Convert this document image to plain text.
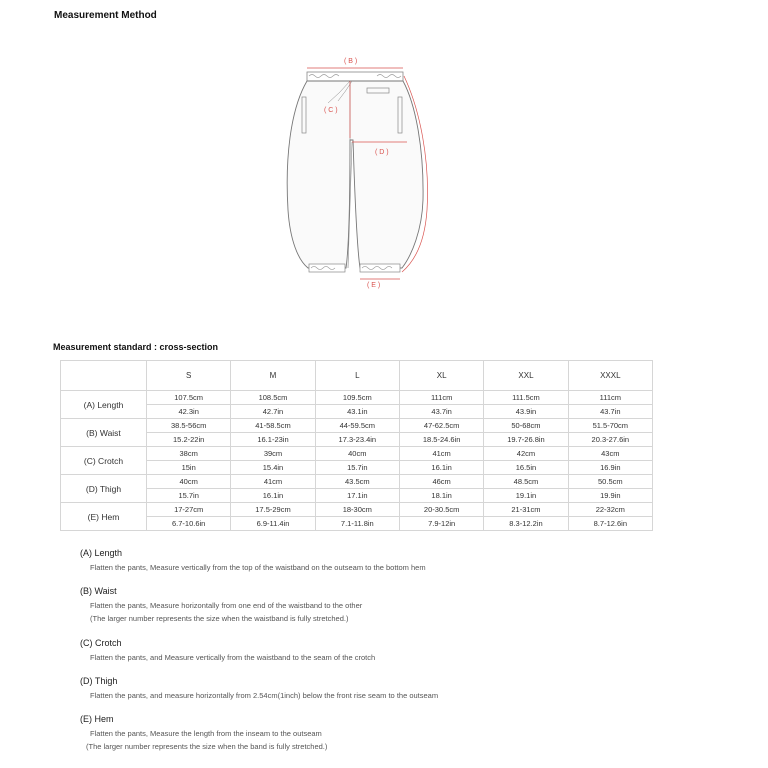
Measurement Method
( B )
( C )
( D )
( E )
Measurement standard : cross-section
	S	M	L	XL	XXL	XXXL
(A) Length	107.5cm	108.5cm	109.5cm	111cm	111.5cm	111cm
	42.3in	42.7in	43.1in	43.7in	43.9in	43.7in
(B) Waist	38.5-56cm	41-58.5cm	44-59.5cm	47-62.5cm	50-68cm	51.5-70cm
	15.2-22in	16.1-23in	17.3-23.4in	18.5-24.6in	19.7-26.8in	20.3-27.6in
(C) Crotch	38cm	39cm	40cm	41cm	42cm	43cm
	15in	15.4in	15.7in	16.1in	16.5in	16.9in
(D) Thigh	40cm	41cm	43.5cm	46cm	48.5cm	50.5cm
	15.7in	16.1in	17.1in	18.1in	19.1in	19.9in
(E) Hem	17-27cm	17.5-29cm	18-30cm	20-30.5cm	21-31cm	22-32cm
	6.7-10.6in	6.9-11.4in	7.1-11.8in	7.9-12in	8.3-12.2in	8.7-12.6in
(A) Length
Flatten the pants, Measure vertically from the top of the waistband on the outseam to the bottom hem
(B) Waist
Flatten the pants, Measure horizontally from one end of the waistband to the other
(The larger number represents the size when the waistband is fully stretched.)
(C) Crotch
Flatten the pants, and Measure vertically from the waistband to the seam of the crotch
(D) Thigh
Flatten the pants, and measure horizontally from 2.54cm(1inch) below the front rise seam to the outseam
(E) Hem
Flatten the pants, Measure the length from the inseam to the outseam
(The larger number represents the size when the band is fully stretched.)
